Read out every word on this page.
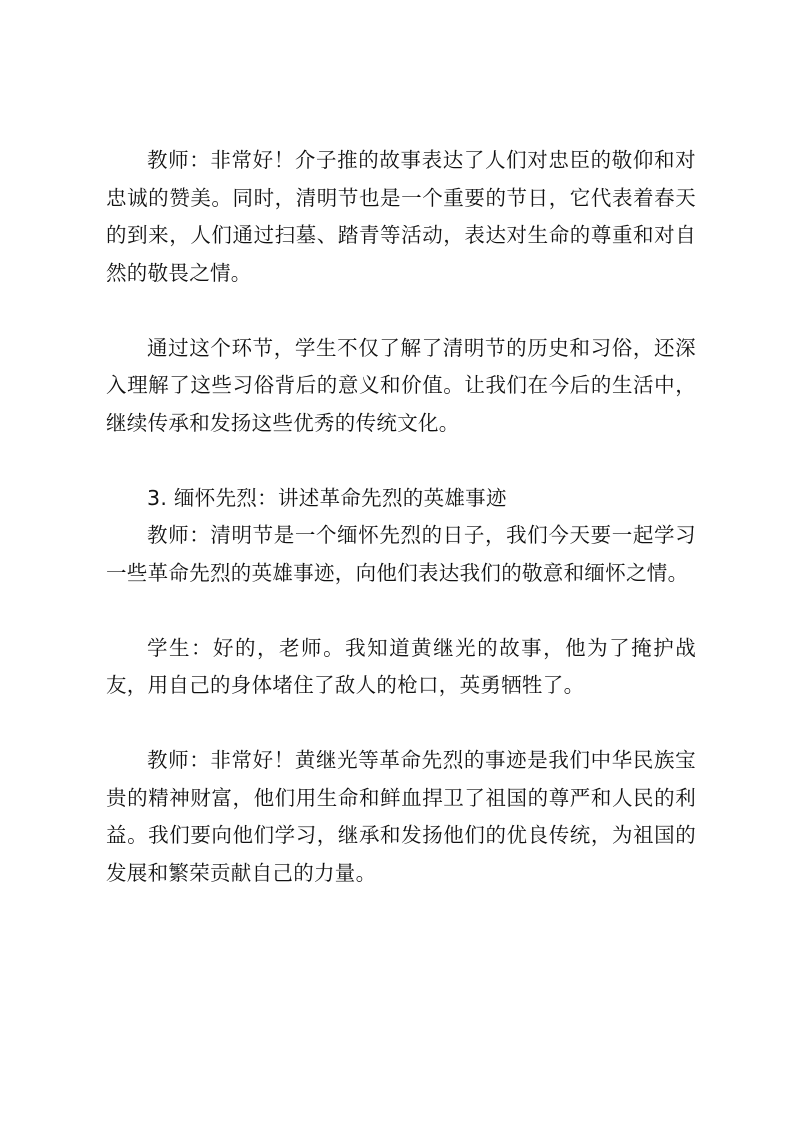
教师：非常好！介子推的故事表达了人们对忠臣的敬仰和对忠诚的赞美。同时，清明节也是一个重要的节日，它代表着春天的到来，人们通过扫墓、踏青等活动，表达对生命的尊重和对自然的敬畏之情。

通过这个环节，学生不仅了解了清明节的历史和习俗，还深入理解了这些习俗背后的意义和价值。让我们在今后的生活中，继续传承和发扬这些优秀的传统文化。

3. 缅怀先烈：讲述革命先烈的英雄事迹

教师：清明节是一个缅怀先烈的日子，我们今天要一起学习一些革命先烈的英雄事迹，向他们表达我们的敬意和缅怀之情。

学生：好的，老师。我知道黄继光的故事，他为了掩护战友，用自己的身体堵住了敌人的枪口，英勇牺牲了。

教师：非常好！黄继光等革命先烈的事迹是我们中华民族宝贵的精神财富，他们用生命和鲜血捍卫了祖国的尊严和人民的利益。我们要向他们学习，继承和发扬他们的优良传统，为祖国的发展和繁荣贡献自己的力量。
